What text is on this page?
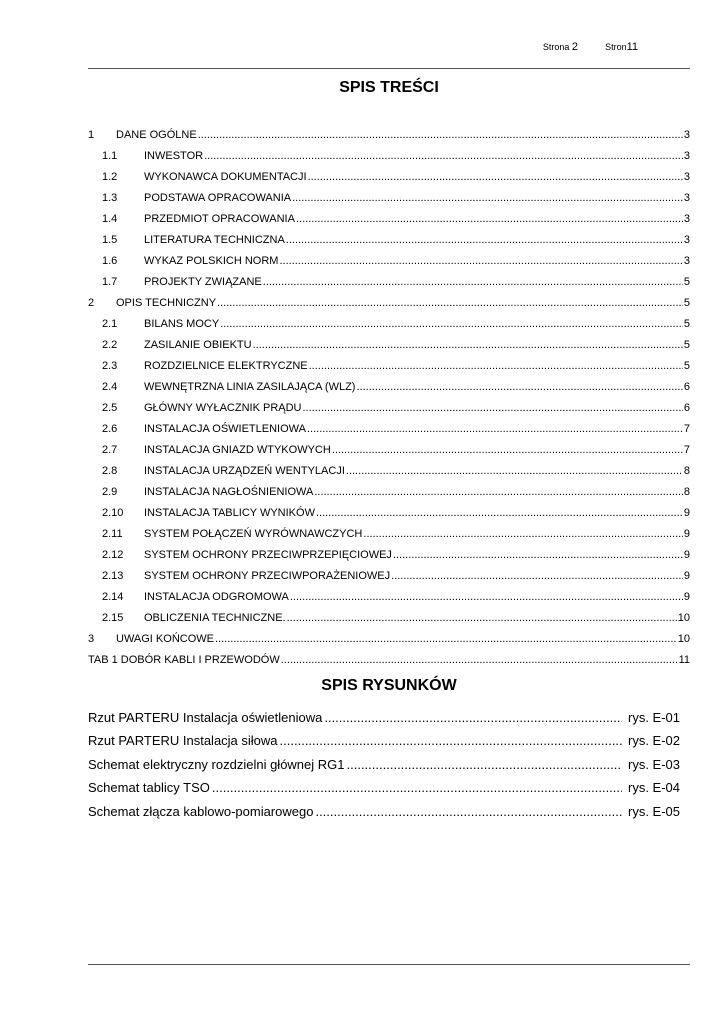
Strona 2	Stron11
SPIS TREŚCI
1	DANE OGÓLNE .....	3
1.1	INWESTOR .....	3
1.2	WYKONAWCA DOKUMENTACJI .....	3
1.3	PODSTAWA OPRACOWANIA .....	3
1.4	PRZEDMIOT OPRACOWANIA .....	3
1.5	LITERATURA TECHNICZNA .....	3
1.6	WYKAZ POLSKICH NORM .....	3
1.7	PROJEKTY ZWIĄZANE .....	5
2	OPIS TECHNICZNY .....	5
2.1	BILANS MOCY .....	5
2.2	ZASILANIE OBIEKTU .....	5
2.3	ROZDZIELNICE ELEKTRYCZNE .....	5
2.4	WEWNĘTRZNA LINIA ZASILAJĄCA (WLZ) .....	6
2.5	GŁÓWNY WYŁACZNIK PRĄDU .....	6
2.6	INSTALACJA OŚWIETLENIOWA .....	7
2.7	INSTALACJA GNIAZD WTYKOWYCH .....	7
2.8	INSTALACJA URZĄDZEŃ WENTYLACJI .....	8
2.9	INSTALACJA NAGŁOŚNIENIOWA .....	8
2.10	INSTALACJA TABLICY WYNIKÓW .....	9
2.11	SYSTEM POŁĄCZEŃ WYRÓWNAWCZYCH .....	9
2.12	SYSTEM OCHRONY PRZECIWPRZEPIĘCIOWEJ .....	9
2.13	SYSTEM OCHRONY PRZECIWPORAŻENIOWEJ .....	9
2.14	INSTALACJA ODGROMOWA .....	9
2.15	OBLICZENIA TECHNICZNE. .....	10
3	UWAGI KOŃCOWE .....	10
TAB 1 DOBÓR KABLI I PRZEWODÓW .....	11
SPIS RYSUNKÓW
Rzut PARTERU Instalacja oświetleniowa .....	rys. E-01
Rzut PARTERU Instalacja siłowa .....	rys. E-02
Schemat elektryczny rozdzielni głównej RG1 .....	rys. E-03
Schemat tablicy TSO .....	rys. E-04
Schemat złącza kablowo-pomiarowego .....	rys. E-05
